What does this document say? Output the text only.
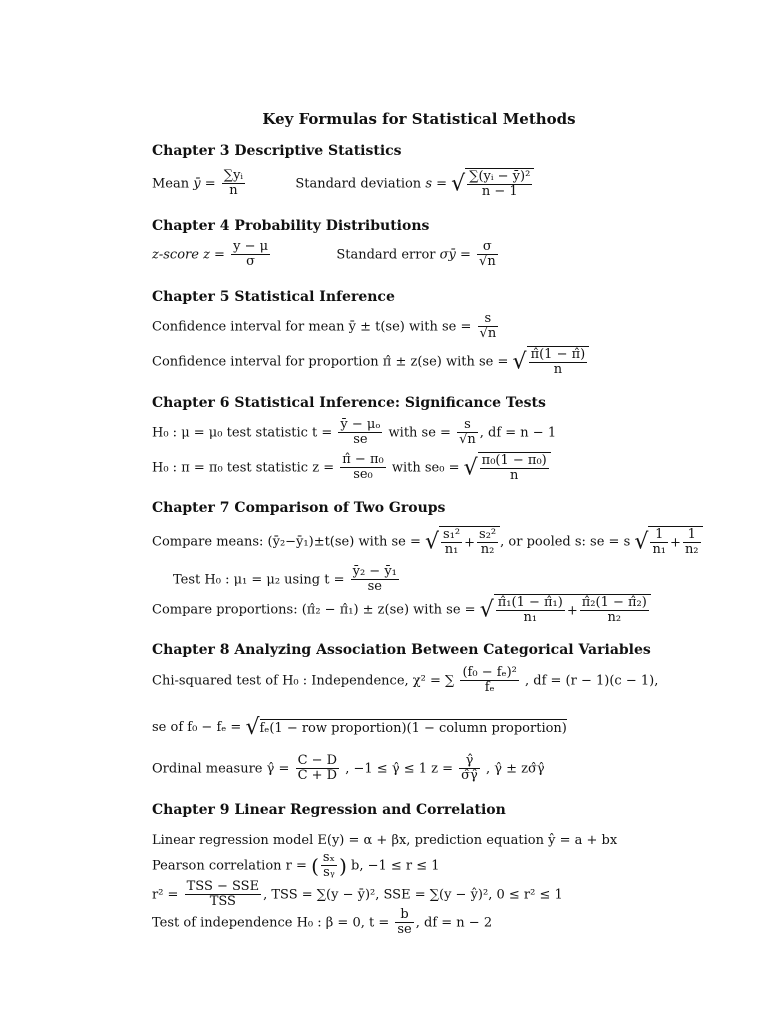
Key Formulas for Statistical Methods
Chapter 3 Descriptive Statistics
Mean ȳ = $\frac{\text{∑yᵢ}}{n}$	Standard deviation s = √ $\frac{\text{∑(yᵢ − ȳ)²}}{n - 1}$
Chapter 4 Probability Distributions
z-score $z = \frac{y - \mu}{\sigma}$	Standard error σȳ = $\frac{\sigma}{√n}$
Chapter 5 Statistical Inference
Confidence interval for mean ȳ ± t(se) with se = $\frac{s}{√n}$
Confidence interval for proportion π̂ ± z(se) with se = √ $\frac{\pî(1 - \pî)}{n}$
Chapter 6 Statistical Inference: Significance Tests
H₀ : μ = μ₀ test statistic $t = \frac{\text{ȳ − μₒ}}{se}$ with se = $\frac{s}{√n}$ , df = n − 1
H₀ : π = π₀ test statistic $z = \frac{\text{π̂ − π₀}}{\text{se₀}}$ with se₀ = √ $\frac{\text{π₀(1 − π₀)}}{n}$
Chapter 7 Comparison of Two Groups
Compare means: (ȳ₂−ȳ₁)±t(se) with se = √ $\frac{\text{s₁²}}{\text{n₁}} + \frac{\text{s₂²}}{\text{n₂}}$ , or pooled s: se = s √ $\frac{1}{\text{n₁}} + \frac{1}{\text{n₂}}$
Test H₀ : μ₁ = μ₂ using $t = \frac{\text{ȳ₂ − ȳ₁}}{se}$
Compare proportions: (π̂₂ − π̂₁) ± z(se) with se = √ $\frac{\text{π̂₁(1 − π̂₁)}}{\text{n₁}} + \frac{\text{π̂₂(1 − π̂₂)}}{\text{n₂}}$
Chapter 8 Analyzing Association Between Categorical Variables
Chi-squared test of H₀ : Independence, χ² = ∑ $\frac{\text{(f₀ − fₑ)²}}{\text{fₑ}}$ , df = (r − 1)(c − 1),
se of f₀ − fₑ = √fₑ(1 − row proportion)(1 − column proportion)
Ordinal measure γ̂ = $\frac{C - D}{C + D}$ , −1 ≤ γ̂ ≤ 1 $z = \frac{\gammâ}{\sigmâ\gammâ}$ , γ̂ ± zσ̂γ̂
Chapter 9 Linear Regression and Correlation
Linear regression model E(y) = α + βx, prediction equation ŷ = a + bx
Pearson correlation r = ( $\frac{\text{sₓ}}{\text{sᵧ}}$ ) b, −1 ≤ r ≤ 1
$r^2 = \frac{\text{TSS − SSE}}{\text{TSS}}$ , TSS = ∑(y − ȳ)², SSE = ∑(y − ŷ)², 0 ≤ r² ≤ 1
Test of independence H₀ : β = 0, $t = \frac{b}{se}$ , df = n − 2
